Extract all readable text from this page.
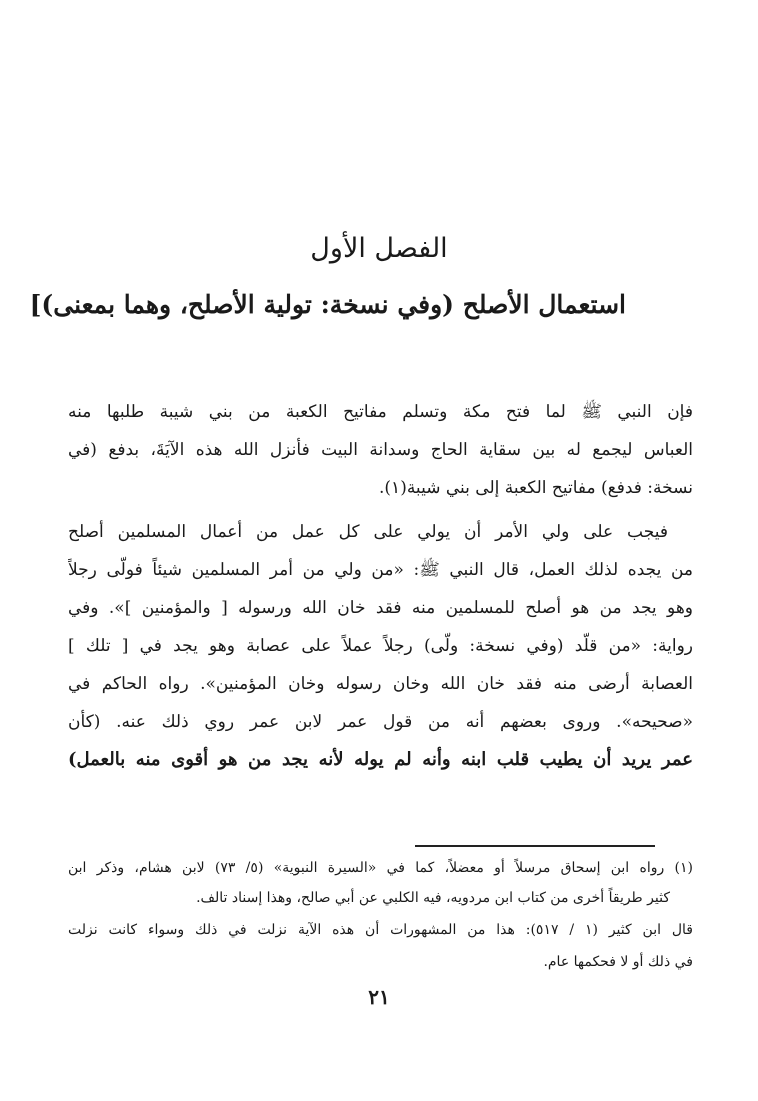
الفصل الأول
استعمال الأصلح (وفي نسخة: تولية الأصلح، وهما بمعنى)]
فإن النبي ﷺ لما فتح مكة وتسلم مفاتيح الكعبة من بني شيبة طلبها منه
العباس ليجمع له بين سقاية الحاج وسدانة البيت فأنزل الله هذه الآيَةَ، بدفع (في
نسخة: فدفع) مفاتيح الكعبة إلى بني شيبة(١).
فيجب على ولي الأمر أن يولي على كل عمل من أعمال المسلمين أصلح
من يجده لذلك العمل، قال النبي ﷺ: «من ولي من أمر المسلمين شيئاً فولّى رجلاً
وهو يجد من هو أصلح للمسلمين منه فقد خان الله ورسوله [ والمؤمنين ]». وفي
رواية: «من قلّد (وفي نسخة: ولّى) رجلاً عملاً على عصابة وهو يجد في [ تلك ]
العصابة أرضى منه فقد خان الله وخان رسوله وخان المؤمنين». رواه الحاكم في
«صحيحه». وروى بعضهم أنه من قول عمر لابن عمر روي ذلك عنه. (كأن
عمر يريد أن يطيب قلب ابنه وأنه لم يوله لأنه يجد من هو أقوى منه بالعمل)
(١) رواه ابن إسحاق مرسلاً أو معضلاً، كما في «السيرة النبوية» (٥/ ٧٣) لابن هشام، وذكر ابن
كثير طريقاً أخرى من كتاب ابن مردويه، فيه الكلبي عن أبي صالح، وهذا إسناد تالف.
قال ابن كثير (١ / ٥١٧): هذا من المشهورات أن هذه الآية نزلت في ذلك وسواء كانت نزلت
في ذلك أو لا فحكمها عام.
٢١
